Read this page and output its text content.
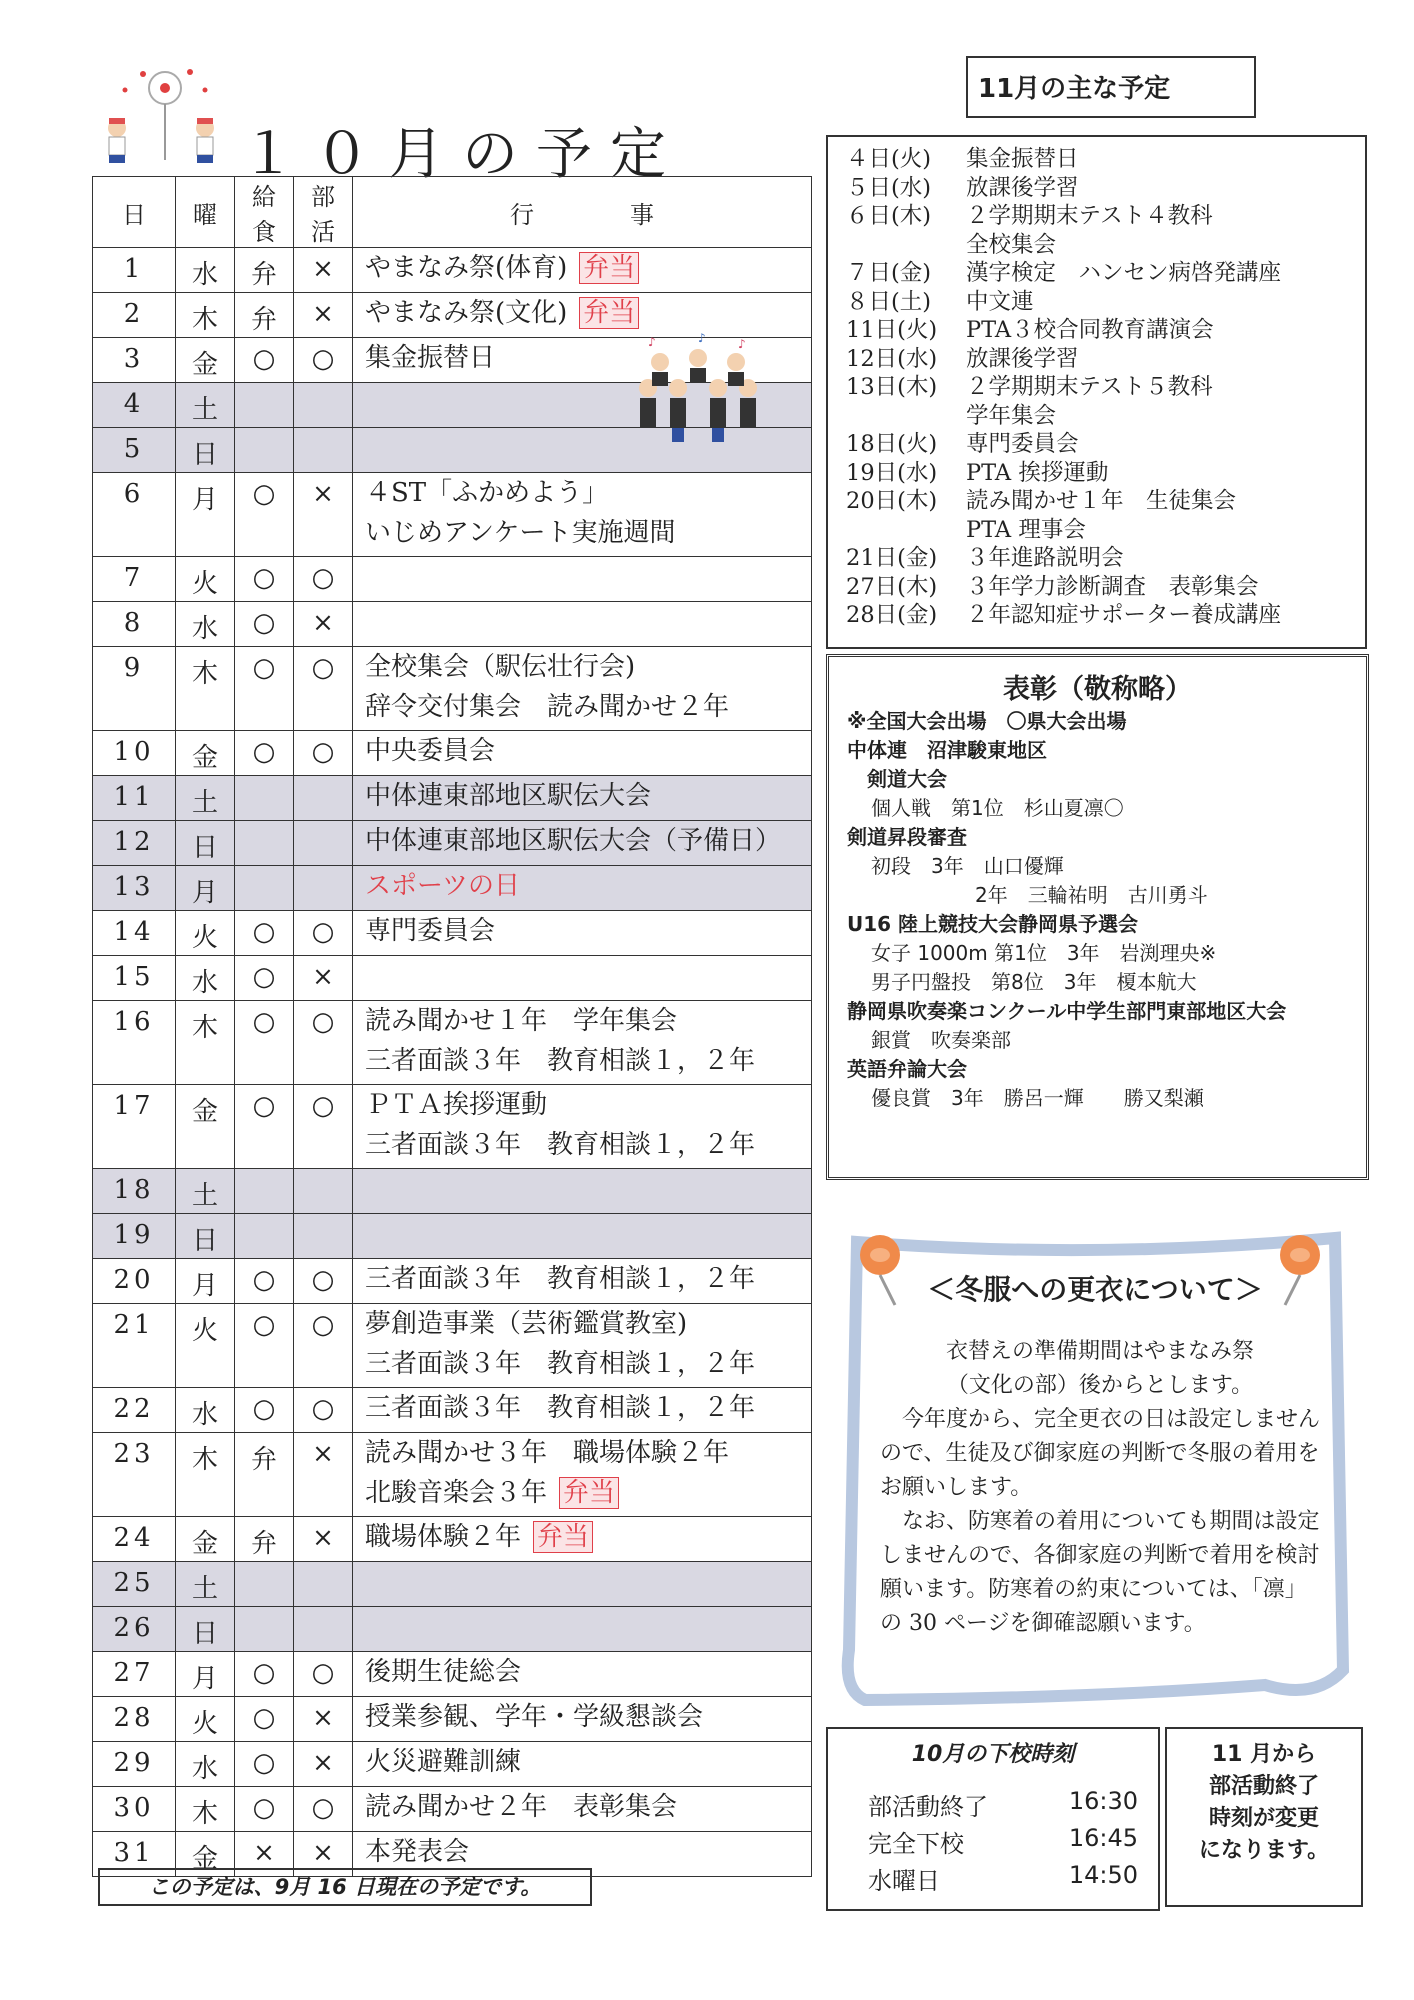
１０月の予定
日	曜	給食	部活	行　　　　事
1	水	弁	×	やまなみ祭(体育) 弁当

2	木	弁	×	やまなみ祭(文化) 弁当

3	金	○	○	集金振替日

4	土			
5	日			
6	月	○	×	４ST「ふかめよう」
いじめアンケート実施週間

7	火	○	○	
8	水	○	×	
9	木	○	○	全校集会（駅伝壮行会)
辞令交付集会　読み聞かせ２年

10	金	○	○	中央委員会

11	土			中体連東部地区駅伝大会

12	日			中体連東部地区駅伝大会（予備日）

13	月			スポーツの日

14	火	○	○	専門委員会

15	水	○	×	
16	木	○	○	読み聞かせ１年　学年集会
三者面談３年　教育相談１，２年

17	金	○	○	ＰＴＡ挨拶運動
三者面談３年　教育相談１，２年

18	土			
19	日			
20	月	○	○	三者面談３年　教育相談１，２年

21	火	○	○	夢創造事業（芸術鑑賞教室)
三者面談３年　教育相談１，２年

22	水	○	○	三者面談３年　教育相談１，２年

23	木	弁	×	読み聞かせ３年　職場体験２年
北駿音楽会３年 弁当

24	金	弁	×	職場体験２年 弁当

25	土			
26	日			
27	月	○	○	後期生徒総会

28	火	○	×	授業参観、学年・学級懇談会

29	水	○	×	火災避難訓練

30	木	○	○	読み聞かせ２年　表彰集会

31	金	×	×	本発表会
♪	♪	♪
この予定は、9月 16 日現在の予定です。
11月の主な予定
４日(火) 集金振替日
５日(水) 放課後学習
６日(木) ２学期期末テスト４教科
全校集会
７日(金) 漢字検定　ハンセン病啓発講座
８日(土) 中文連
11日(火) PTA３校合同教育講演会
12日(水) 放課後学習
13日(木) ２学期期末テスト５教科
学年集会
18日(火) 専門委員会
19日(水) PTA 挨拶運動
20日(木) 読み聞かせ１年　生徒集会
PTA 理事会
21日(金) ３年進路説明会
27日(木) ３年学力診断調査　表彰集会
28日(金) ２年認知症サポーター養成講座
表彰（敬称略）
※全国大会出場　〇県大会出場
中体連　沼津駿東地区
剣道大会
個人戦　第1位　杉山夏凛〇
剣道昇段審査
初段　3年　山口優輝
2年　三輪祐明　古川勇斗
U16 陸上競技大会静岡県予選会
女子 1000m 第1位　3年　岩渕理央※
男子円盤投　第8位　3年　榎本航大
静岡県吹奏楽コンクール中学生部門東部地区大会
銀賞　吹奏楽部
英語弁論大会
優良賞　3年　勝呂一輝　　勝又梨瀬
＜冬服への更衣について＞

衣替えの準備期間はやまなみ祭

（文化の部）後からとします。

　今年度から、完全更衣の日は設定しませんので、生徒及び御家庭の判断で冬服の着用をお願いします。

　なお、防寒着の着用についても期間は設定しませんので、各御家庭の判断で着用を検討願います。防寒着の約束については、「凛」の 30 ページを御確認願います。

10月の下校時刻
部活動終了	16:30
完全下校	16:45
水曜日	14:50
11 月から
部活動終了
時刻が変更
になります。
